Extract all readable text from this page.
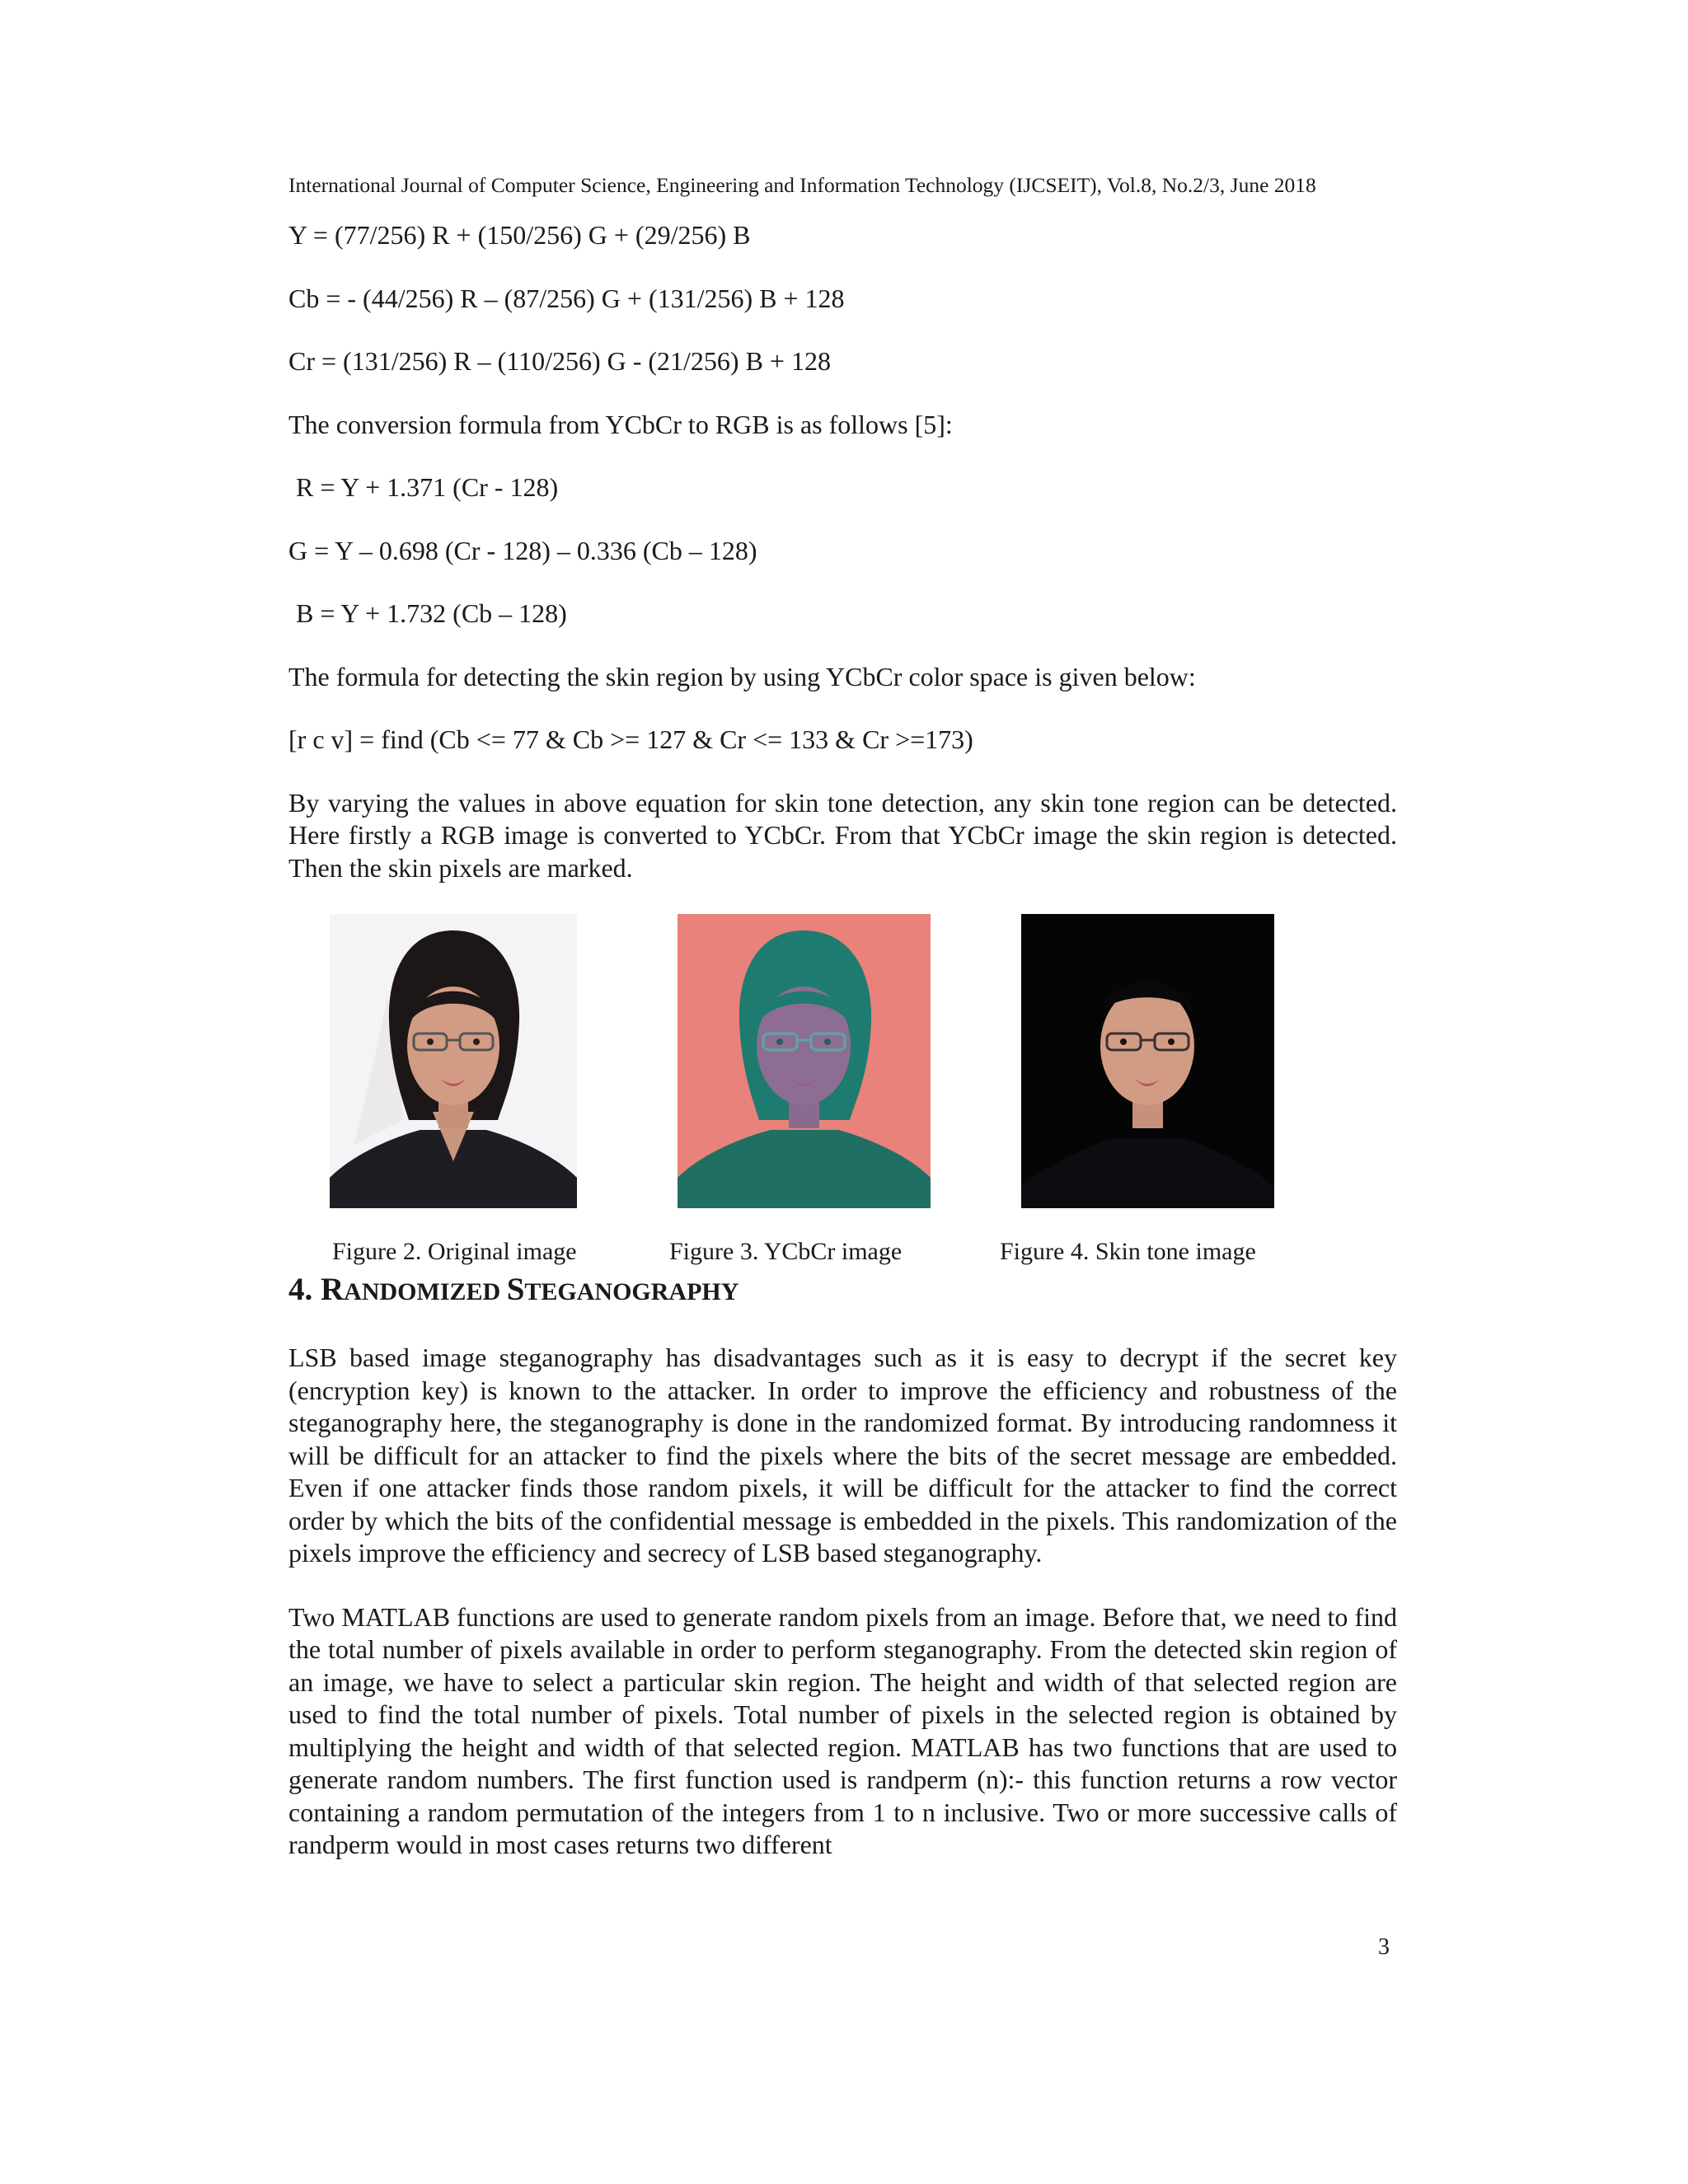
International Journal of Computer Science, Engineering and Information Technology (IJCSEIT), Vol.8, No.2/3, June 2018
Y = (77/256) R + (150/256) G + (29/256) B
Cb = - (44/256) R – (87/256) G + (131/256) B + 128
Cr = (131/256) R – (110/256) G - (21/256) B + 128
The conversion formula from YCbCr to RGB is as follows [5]:
R = Y + 1.371 (Cr - 128)
G = Y – 0.698 (Cr - 128) – 0.336 (Cb – 128)
B = Y + 1.732 (Cb – 128)
The formula for detecting the skin region by using YCbCr color space is given below:
[r c v] = find (Cb <= 77 & Cb >= 127 & Cr <= 133 & Cr >=173)

By varying the values in above equation for skin tone detection, any skin tone region can be detected. Here firstly a RGB image is converted to YCbCr. From that YCbCr image the skin region is detected. Then the skin pixels are marked.

Figure 2. Original image	Figure 3. YCbCr image	Figure 4. Skin tone image
4. RANDOMIZED STEGANOGRAPHY

LSB based image steganography has disadvantages such as it is easy to decrypt if the secret key (encryption key) is known to the attacker. In order to improve the efficiency and robustness of the steganography here, the steganography is done in the randomized format. By introducing randomness it will be difficult for an attacker to find the pixels where the bits of the secret message are embedded. Even if one attacker finds those random pixels, it will be difficult for the attacker to find the correct order by which the bits of the confidential message is embedded in the pixels. This randomization of the pixels improve the efficiency and secrecy of LSB based steganography.

Two MATLAB functions are used to generate random pixels from an image. Before that, we need to find the total number of pixels available in order to perform steganography. From the detected skin region of an image, we have to select a particular skin region. The height and width of that selected region are used to find the total number of pixels. Total number of pixels in the selected region is obtained by multiplying the height and width of that selected region. MATLAB has two functions that are used to generate random numbers. The first function used is randperm (n):- this function returns a row vector containing a random permutation of the integers from 1 to n inclusive. Two or more successive calls of randperm would in most cases returns two different

3
